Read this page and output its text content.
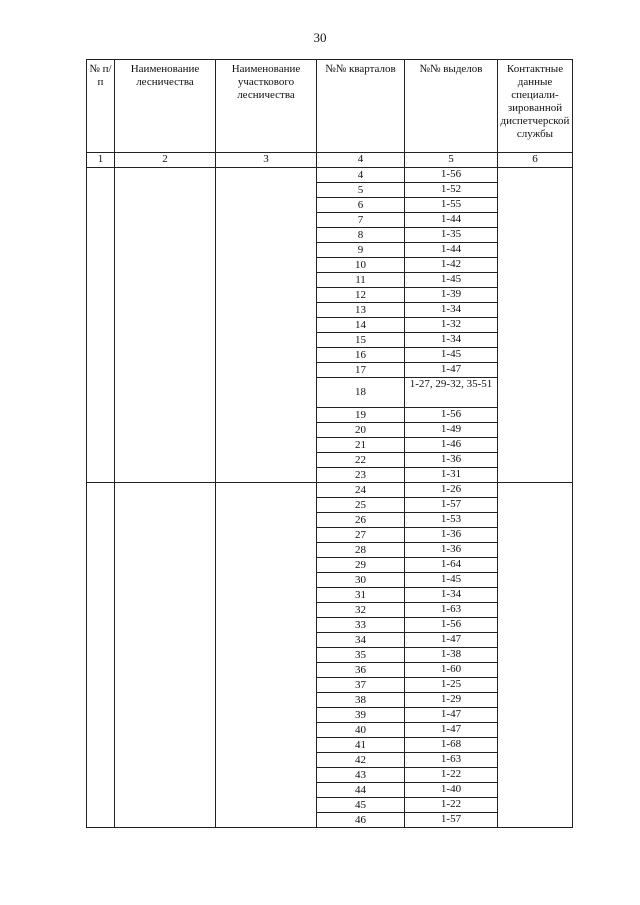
30
№ п/п	Наименование лесничества	Наименование участкового лесничества	№№ кварталов	№№ выделов	Контактные данные специали-зированной диспетчерской службы

1	2	3	4	5	6
			4	1-56	
			5	1-52	
			6	1-55	
			7	1-44	
			8	1-35	
			9	1-44	
			10	1-42	
			11	1-45	
			12	1-39	
			13	1-34	
			14	1-32	
			15	1-34	
			16	1-45	
			17	1-47	
			18	1-27, 29-32, 35-51	
			19	1-56	
			20	1-49	
			21	1-46	
			22	1-36	
			23	1-31	
			24	1-26	
			25	1-57	
			26	1-53	
			27	1-36	
			28	1-36	
			29	1-64	
			30	1-45	
			31	1-34	
			32	1-63	
			33	1-56	
			34	1-47	
			35	1-38	
			36	1-60	
			37	1-25	
			38	1-29	
			39	1-47	
			40	1-47	
			41	1-68	
			42	1-63	
			43	1-22	
			44	1-40	
			45	1-22	
			46	1-57	
